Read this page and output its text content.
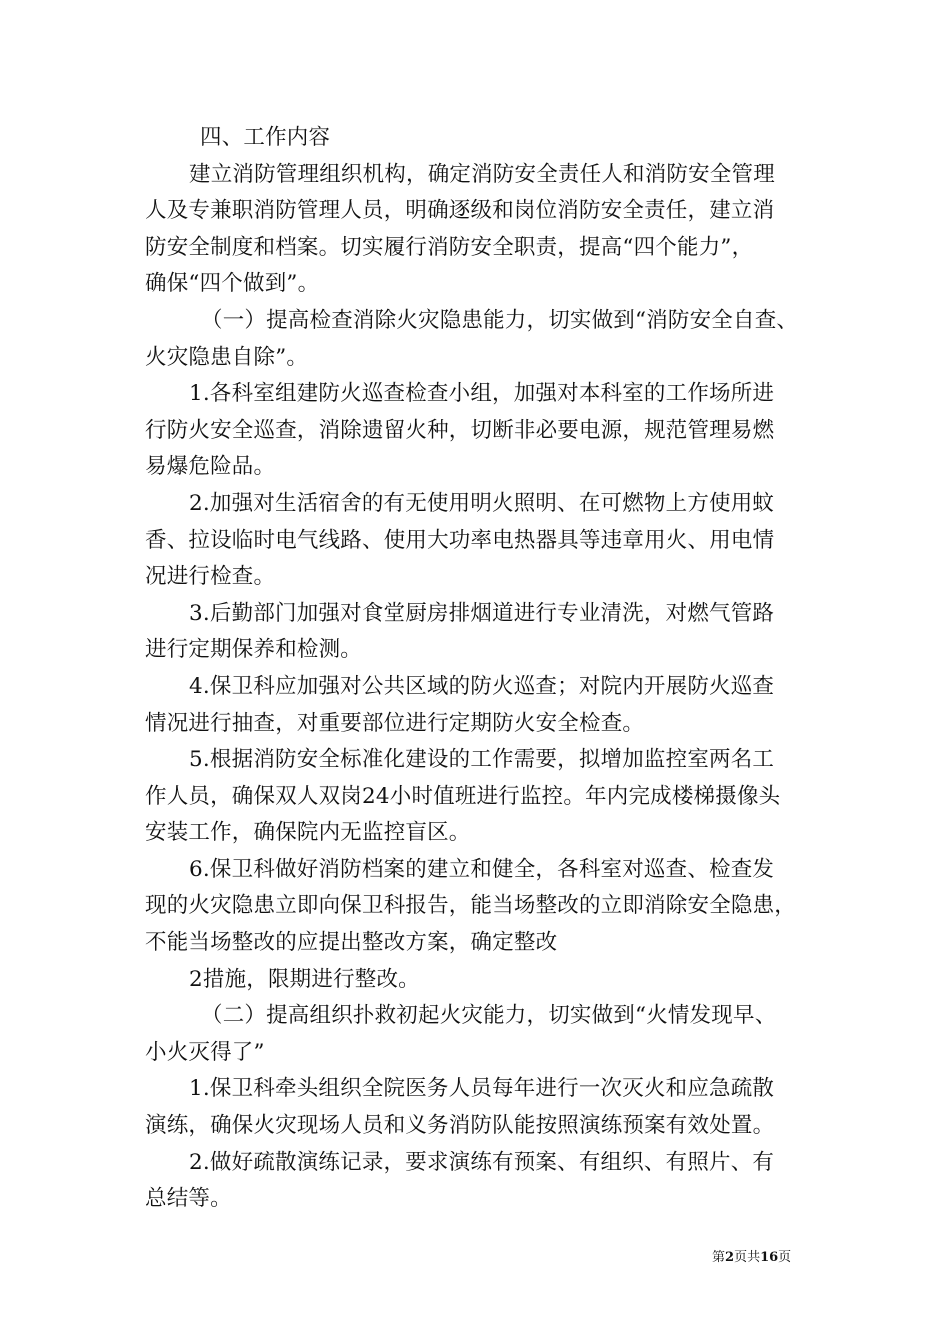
四、工作内容
建立消防管理组织机构，确定消防安全责任人和消防安全管理
人及专兼职消防管理人员，明确逐级和岗位消防安全责任，建立消
防安全制度和档案。切实履行消防安全职责，提高“四个能力”，
确保“四个做到”。
（一）提高检查消除火灾隐患能力，切实做到“消防安全自查、
火灾隐患自除”。
1.各科室组建防火巡查检查小组，加强对本科室的工作场所进
行防火安全巡查，消除遗留火种，切断非必要电源，规范管理易燃
易爆危险品。
2.加强对生活宿舍的有无使用明火照明、在可燃物上方使用蚊
香、拉设临时电气线路、使用大功率电热器具等违章用火、用电情
况进行检查。
3.后勤部门加强对食堂厨房排烟道进行专业清洗，对燃气管路
进行定期保养和检测。
4.保卫科应加强对公共区域的防火巡查；对院内开展防火巡查
情况进行抽查，对重要部位进行定期防火安全检查。
5.根据消防安全标准化建设的工作需要，拟增加监控室两名工
作人员，确保双人双岗24小时值班进行监控。年内完成楼梯摄像头
安装工作，确保院内无监控盲区。
6.保卫科做好消防档案的建立和健全，各科室对巡查、检查发
现的火灾隐患立即向保卫科报告，能当场整改的立即消除安全隐患，
不能当场整改的应提出整改方案，确定整改
2措施，限期进行整改。
（二）提高组织扑救初起火灾能力，切实做到“火情发现早、
小火灭得了”
1.保卫科牵头组织全院医务人员每年进行一次灭火和应急疏散
演练，确保火灾现场人员和义务消防队能按照演练预案有效处置。
2.做好疏散演练记录，要求演练有预案、有组织、有照片、有
总结等。
第2页共16页
